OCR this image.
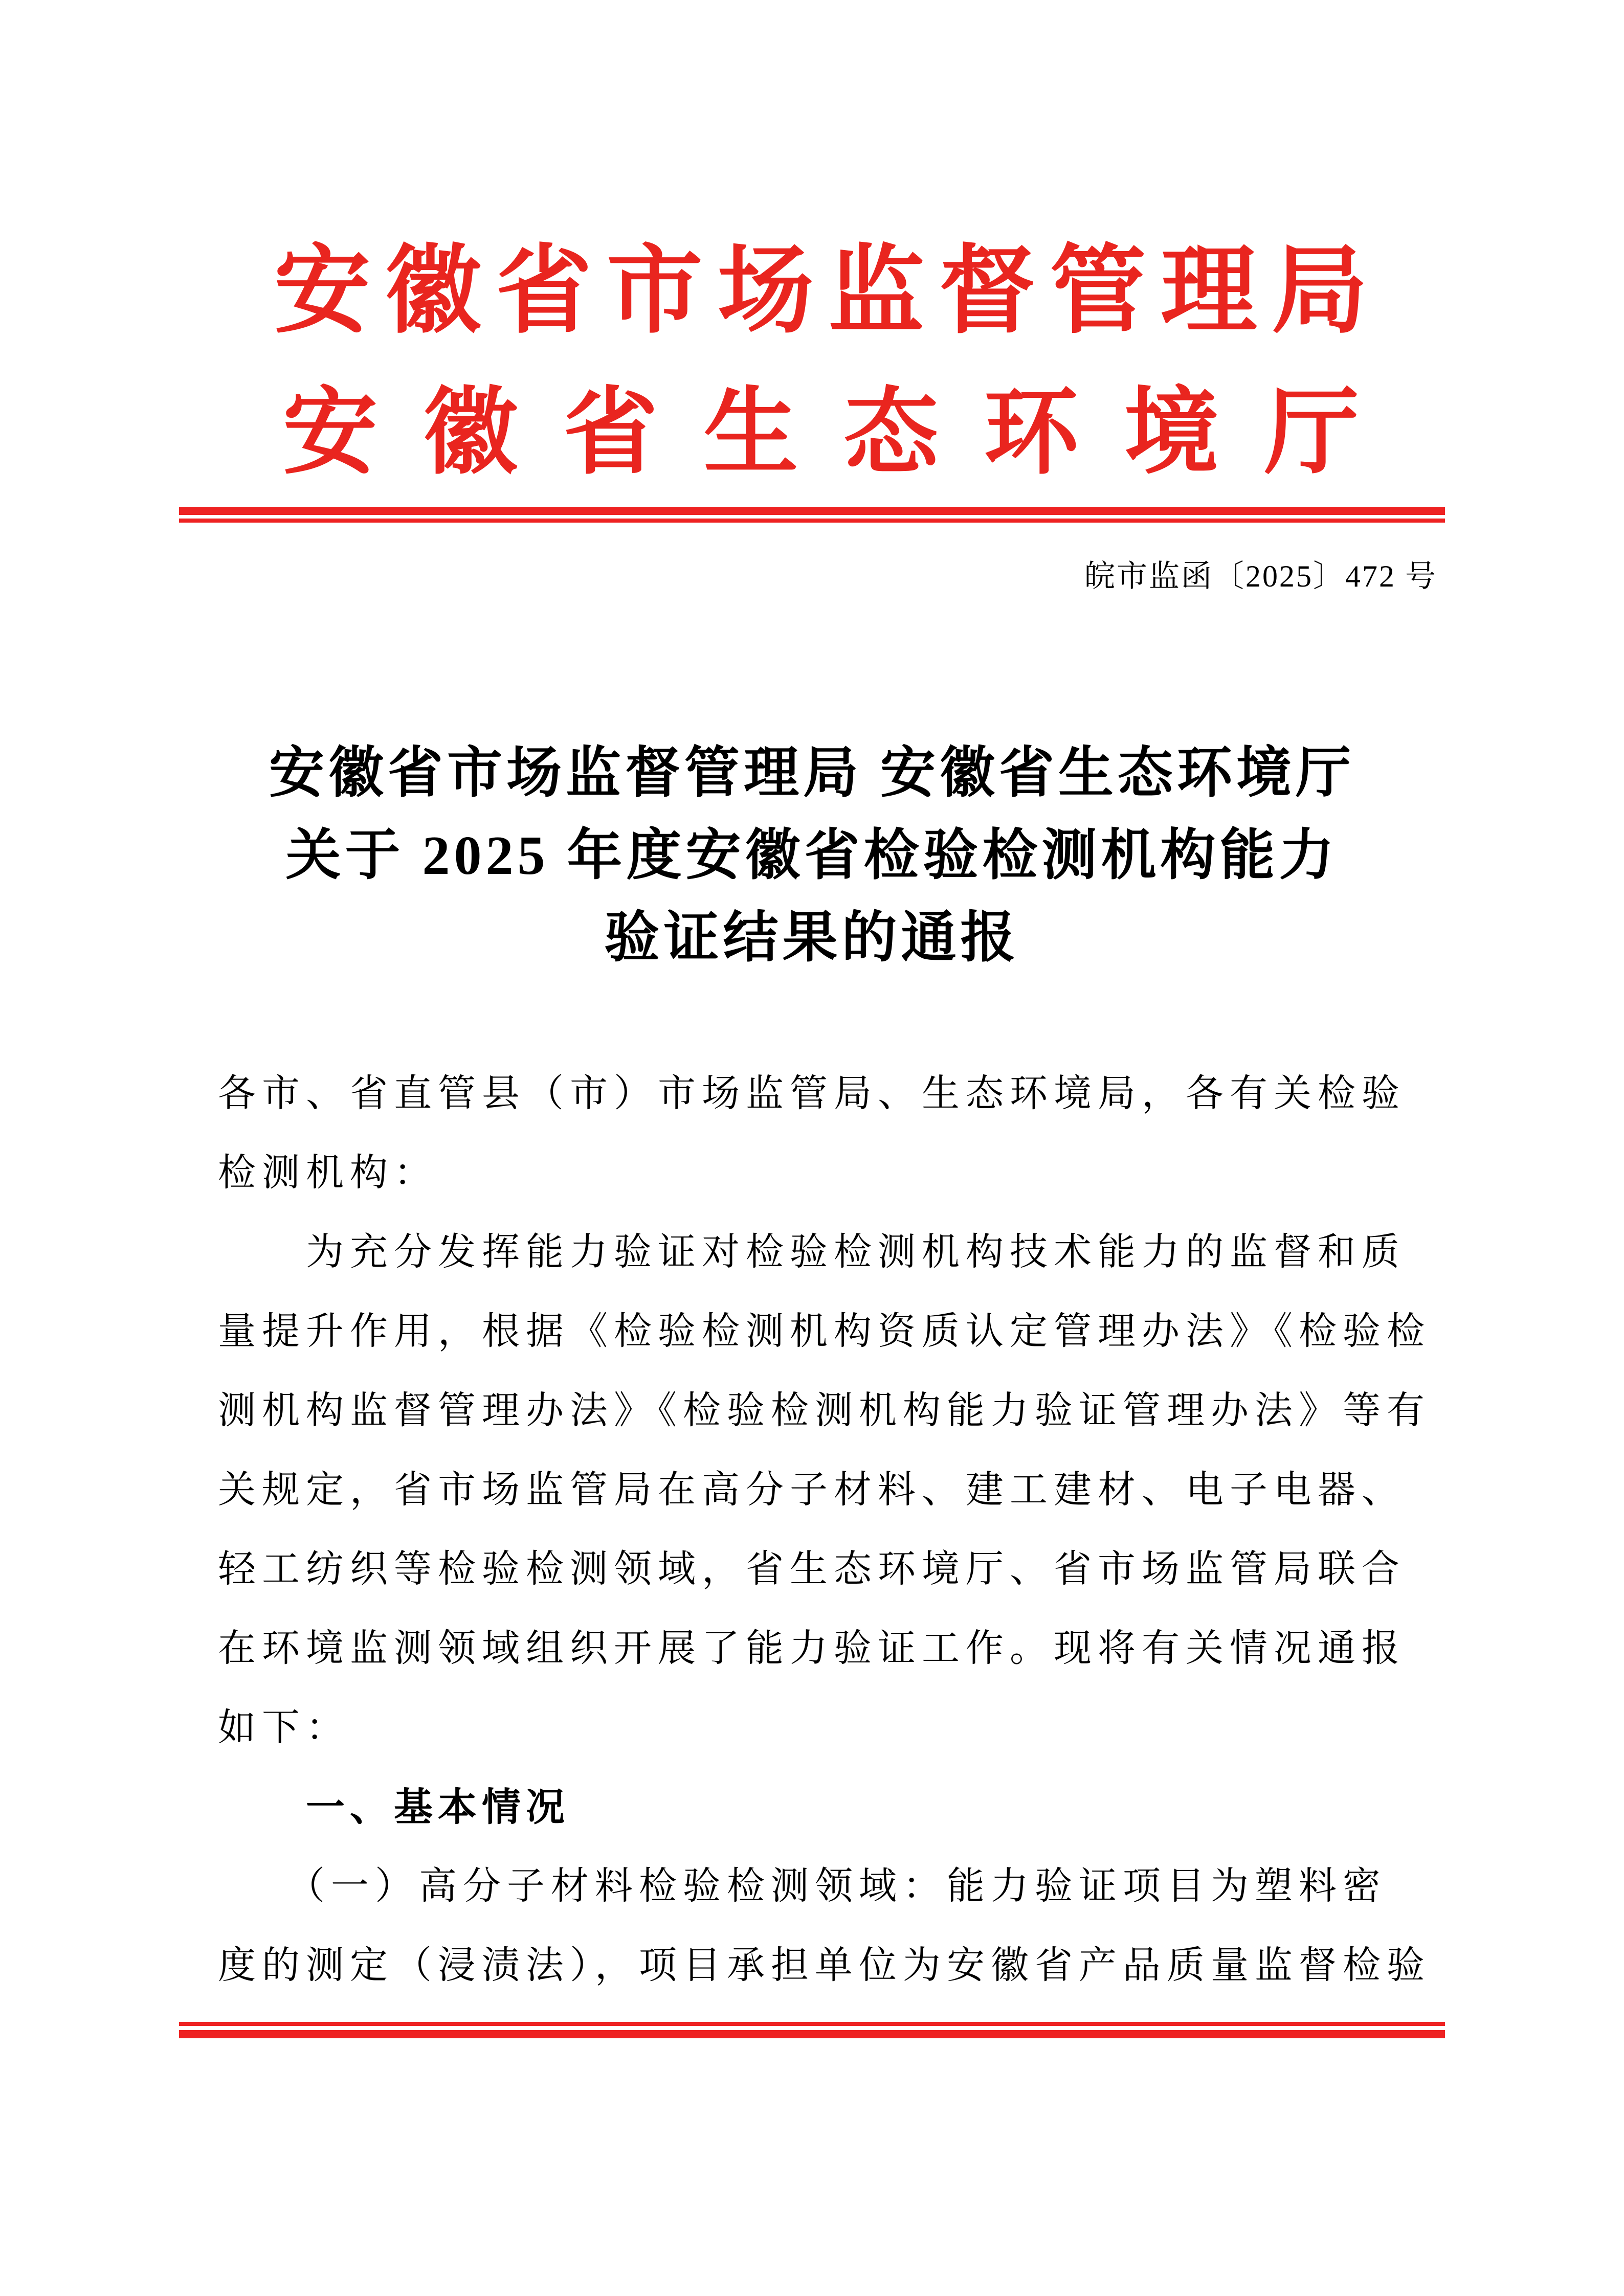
安 徽 省 市 场 监 督 管 理 局
安 徽 省 生 态 环 境 厅
皖市监函〔2025〕472 号
安徽省市场监督管理局 安徽省生态环境厅
关于 2025 年度安徽省检验检测机构能力
验证结果的通报
各市、省直管县（市）市场监管局、生态环境局，各有关检验
检测机构：
　　为充分发挥能力验证对检验检测机构技术能力的监督和质
量提升作用，根据《检验检测机构资质认定管理办法》《检验检
测机构监督管理办法》《检验检测机构能力验证管理办法》等有
关规定，省市场监管局在高分子材料、建工建材、电子电器、
轻工纺织等检验检测领域，省生态环境厅、省市场监管局联合
在环境监测领域组织开展了能力验证工作。现将有关情况通报
如下：
　　一、基本情况
　　（一）高分子材料检验检测领域：能力验证项目为塑料密
度的测定（浸渍法），项目承担单位为安徽省产品质量监督检验
